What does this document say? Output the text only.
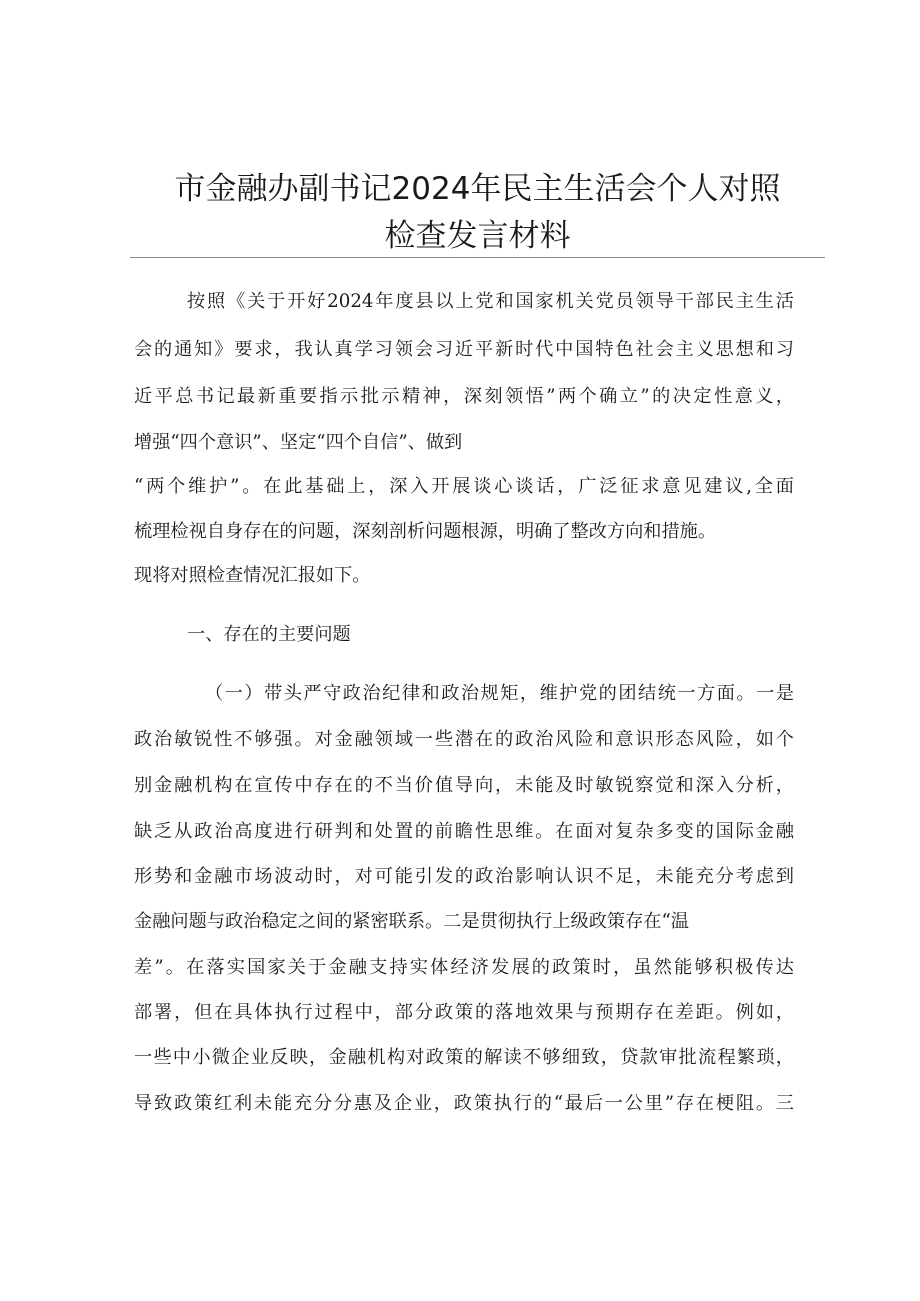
市金融办副书记2024年民主生活会个人对照
检查发言材料

按照《关于开好2024年度县以上党和国家机关党员领导干部民主生活

会的通知》要求，我认真学习领会习近平新时代中国特色社会主义思想和习

近平总书记最新重要指示批示精神，深刻领悟”两个确立”的决定性意义，

增强“四个意识”、坚定“四个自信”、做到

“两个维护”。在此基础上，深入开展谈心谈话，广泛征求意见建议,全面

梳理检视自身存在的问题，深刻剖析问题根源，明确了整改方向和措施。

现将对照检查情况汇报如下。

一、存在的主要问题

（一）带头严守政治纪律和政治规矩，维护党的团结统一方面。一是

政治敏锐性不够强。对金融领域一些潜在的政治风险和意识形态风险，如个

别金融机构在宣传中存在的不当价值导向，未能及时敏锐察觉和深入分析，

缺乏从政治高度进行研判和处置的前瞻性思维。在面对复杂多变的国际金融

形势和金融市场波动时，对可能引发的政治影响认识不足，未能充分考虑到

金融问题与政治稳定之间的紧密联系。二是贯彻执行上级政策存在“温

差”。在落实国家关于金融支持实体经济发展的政策时，虽然能够积极传达

部署，但在具体执行过程中，部分政策的落地效果与预期存在差距。例如，

一些中小微企业反映，金融机构对政策的解读不够细致，贷款审批流程繁琐，

导致政策红利未能充分分惠及企业，政策执行的“最后一公里”存在梗阻。三
